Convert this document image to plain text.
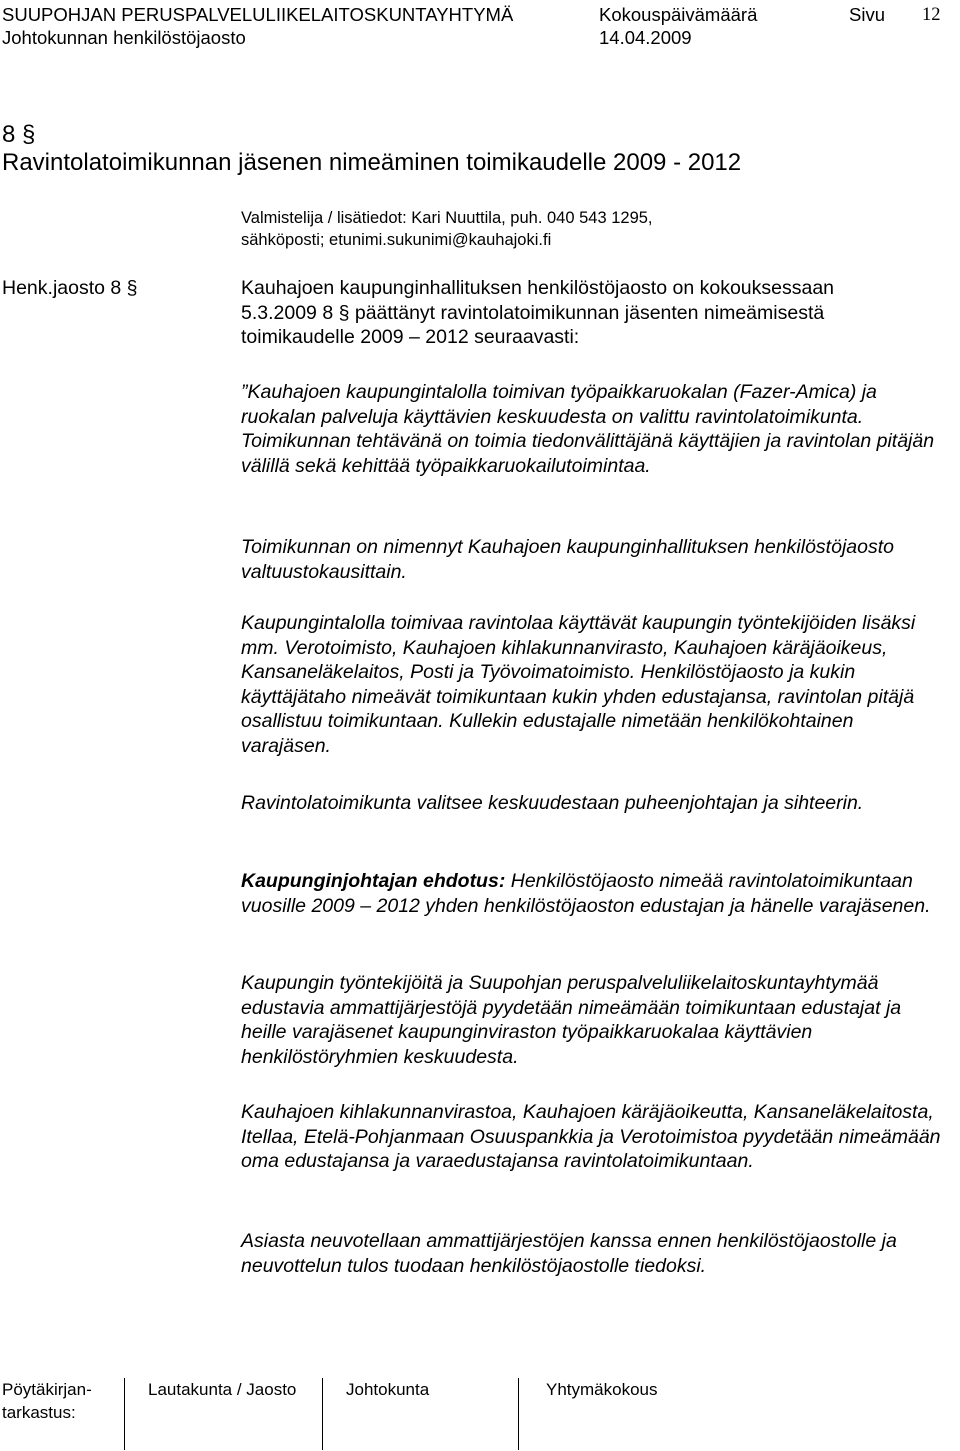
SUUPOHJAN PERUSPALVELULIIKELAITOSKUNTAYHTYMÄ
Johtokunnan henkilöstöjaosto
Kokouspäivämäärä
14.04.2009
Sivu 12
8 §
Ravintolatoimikunnan jäsenen nimeäminen toimikaudelle 2009 - 2012
Valmistelija / lisätiedot: Kari Nuuttila, puh. 040 543 1295,
sähköposti; etunimi.sukunimi@kauhajoki.fi
Henk.jaosto 8 §	Kauhajoen kaupunginhallituksen henkilöstöjaosto on kokouksessaan
5.3.2009 8 § päättänyt ravintolatoimikunnan jäsenten nimeämisestä
toimikaudelle 2009 – 2012 seuraavasti:
”Kauhajoen kaupungintalolla toimivan työpaikkaruokalan (Fazer-Amica) ja ruokalan palveluja käyttävien keskuudesta on valittu ravintolatoimikunta. Toimikunnan tehtävänä on toimia tiedonvälittäjänä käyttäjien ja ravintolan pitäjän välillä sekä kehittää työpaikkaruokailutoimintaa.
Toimikunnan on nimennyt Kauhajoen kaupunginhallituksen henkilöstöjaosto valtuustokausittain.
Kaupungintalolla toimivaa ravintolaa käyttävät kaupungin työntekijöiden lisäksi mm. Verotoimisto, Kauhajoen kihlakunnanvirasto, Kauhajoen käräjäoikeus, Kansaneläkelaitos, Posti ja Työvoimatoimisto. Henkilöstöjaosto ja kukin käyttäjätaho nimeävät toimikuntaan kukin yhden edustajansa, ravintolan pitäjä osallistuu toimikuntaan. Kullekin edustajalle nimetään henkilökohtainen varajäsen.
Ravintolatoimikunta valitsee keskuudestaan puheenjohtajan ja sihteerin.
Kaupunginjohtajan ehdotus: Henkilöstöjaosto nimeää ravintolatoimikuntaan vuosille 2009 – 2012 yhden henkilöstöjaoston edustajan ja hänelle varajäsenen.
Kaupungin työntekijöitä ja Suupohjan peruspalveluliikelaitoskuntayhtymää edustavia ammattijärjestöjä pyydetään nimeämään toimikuntaan edustajat ja heille varajäsenet kaupunginviraston työpaikkaruokalaa käyttävien henkilöstöryhmien keskuudesta.
Kauhajoen kihlakunnanvirastoa, Kauhajoen käräjäoikeutta, Kansaneläkelaitosta, Itellaa, Etelä-Pohjanmaan Osuuspankkia ja Verotoimistoa pyydetään nimeämään oma edustajansa ja varaedustajansa ravintolatoimikuntaan.
Asiasta neuvotellaan ammattijärjestöjen kanssa ennen henkilöstöjaostolle ja neuvottelun tulos tuodaan henkilöstöjaostolle tiedoksi.
Pöytäkirjan-
tarkastus:
Lautakunta / Jaosto	Johtokunta	Yhtymäkokous
